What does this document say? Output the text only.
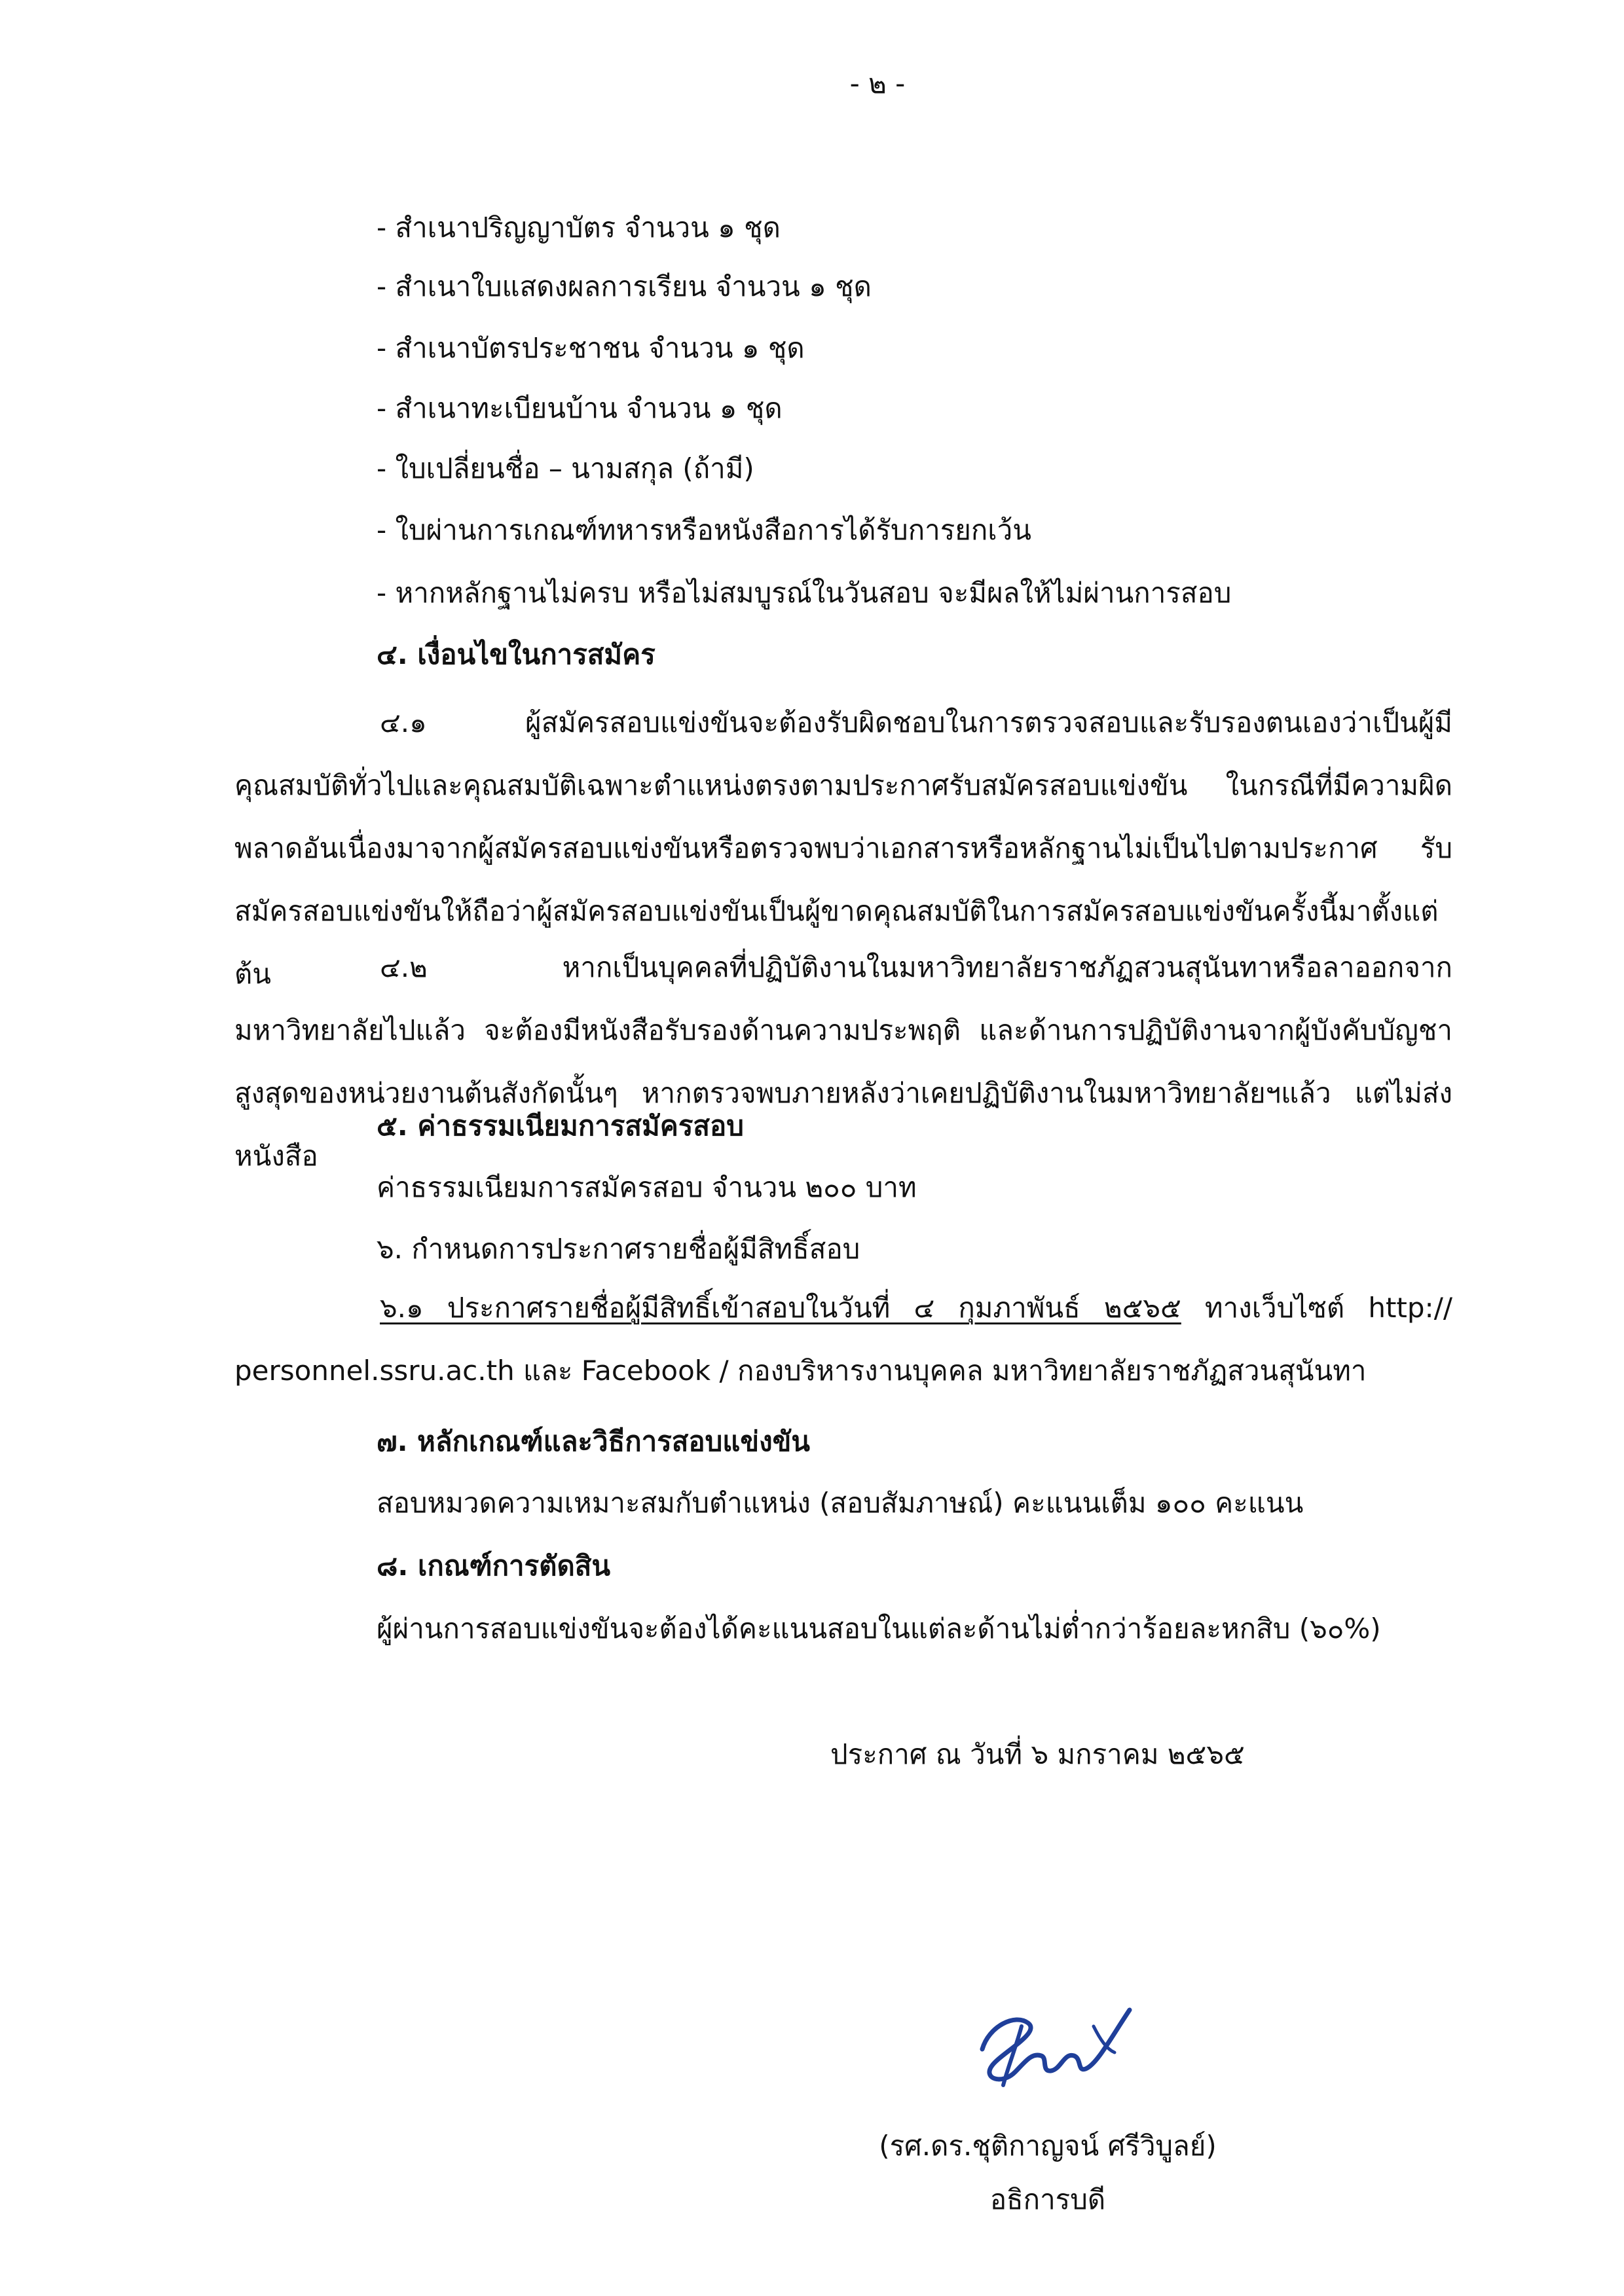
- ๒ -

- สำเนาปริญญาบัตร จำนวน ๑ ชุด

- สำเนาใบแสดงผลการเรียน จำนวน ๑ ชุด

- สำเนาบัตรประชาชน จำนวน ๑ ชุด

- สำเนาทะเบียนบ้าน จำนวน ๑ ชุด

- ใบเปลี่ยนชื่อ – นามสกุล (ถ้ามี)

- ใบผ่านการเกณฑ์ทหารหรือหนังสือการได้รับการยกเว้น

- หากหลักฐานไม่ครบ หรือไม่สมบูรณ์ในวันสอบ จะมีผลให้ไม่ผ่านการสอบ

๔. เงื่อนไขในการสมัคร

๔.๑ ผู้สมัครสอบแข่งขันจะต้องรับผิดชอบในการตรวจสอบและรับรองตนเองว่าเป็นผู้มีคุณสมบัติทั่วไปและคุณสมบัติเฉพาะตำแหน่งตรงตามประกาศรับสมัครสอบแข่งขัน ในกรณีที่มีความผิดพลาดอันเนื่องมาจากผู้สมัครสอบแข่งขันหรือตรวจพบว่าเอกสารหรือหลักฐานไม่เป็นไปตามประกาศ รับสมัครสอบแข่งขันให้ถือว่าผู้สมัครสอบแข่งขันเป็นผู้ขาดคุณสมบัติในการสมัครสอบแข่งขันครั้งนี้มาตั้งแต่ต้น	๔.๒ หากเป็นบุคคลที่ปฏิบัติงานในมหาวิทยาลัยราชภัฏสวนสุนันทาหรือลาออกจากมหาวิทยาลัยไปแล้ว จะต้องมีหนังสือรับรองด้านความประพฤติ และด้านการปฏิบัติงานจากผู้บังคับบัญชา สูงสุดของหน่วยงานต้นสังกัดนั้นๆ หากตรวจพบภายหลังว่าเคยปฏิบัติงานในมหาวิทยาลัยฯแล้ว แต่ไม่ส่งหนังสือ

๕. ค่าธรรมเนียมการสมัครสอบ

ค่าธรรมเนียมการสมัครสอบ จำนวน ๒๐๐ บาท

๖. กำหนดการประกาศรายชื่อผู้มีสิทธิ์สอบ

๖.๑ ประกาศรายชื่อผู้มีสิทธิ์เข้าสอบในวันที่ ๔ กุมภาพันธ์ ๒๕๖๕ ทางเว็บไซต์ http:// personnel.ssru.ac.th และ Facebook / กองบริหารงานบุคคล มหาวิทยาลัยราชภัฏสวนสุนันทา

๗. หลักเกณฑ์และวิธีการสอบแข่งขัน

สอบหมวดความเหมาะสมกับตำแหน่ง (สอบสัมภาษณ์) คะแนนเต็ม ๑๐๐ คะแนน

๘. เกณฑ์การตัดสิน

ผู้ผ่านการสอบแข่งขันจะต้องได้คะแนนสอบในแต่ละด้านไม่ต่ำกว่าร้อยละหกสิบ (๖๐%)

ประกาศ ณ วันที่ ๖ มกราคม ๒๕๖๕

(รศ.ดร.ชุติกาญจน์ ศรีวิบูลย์)

อธิการบดี
